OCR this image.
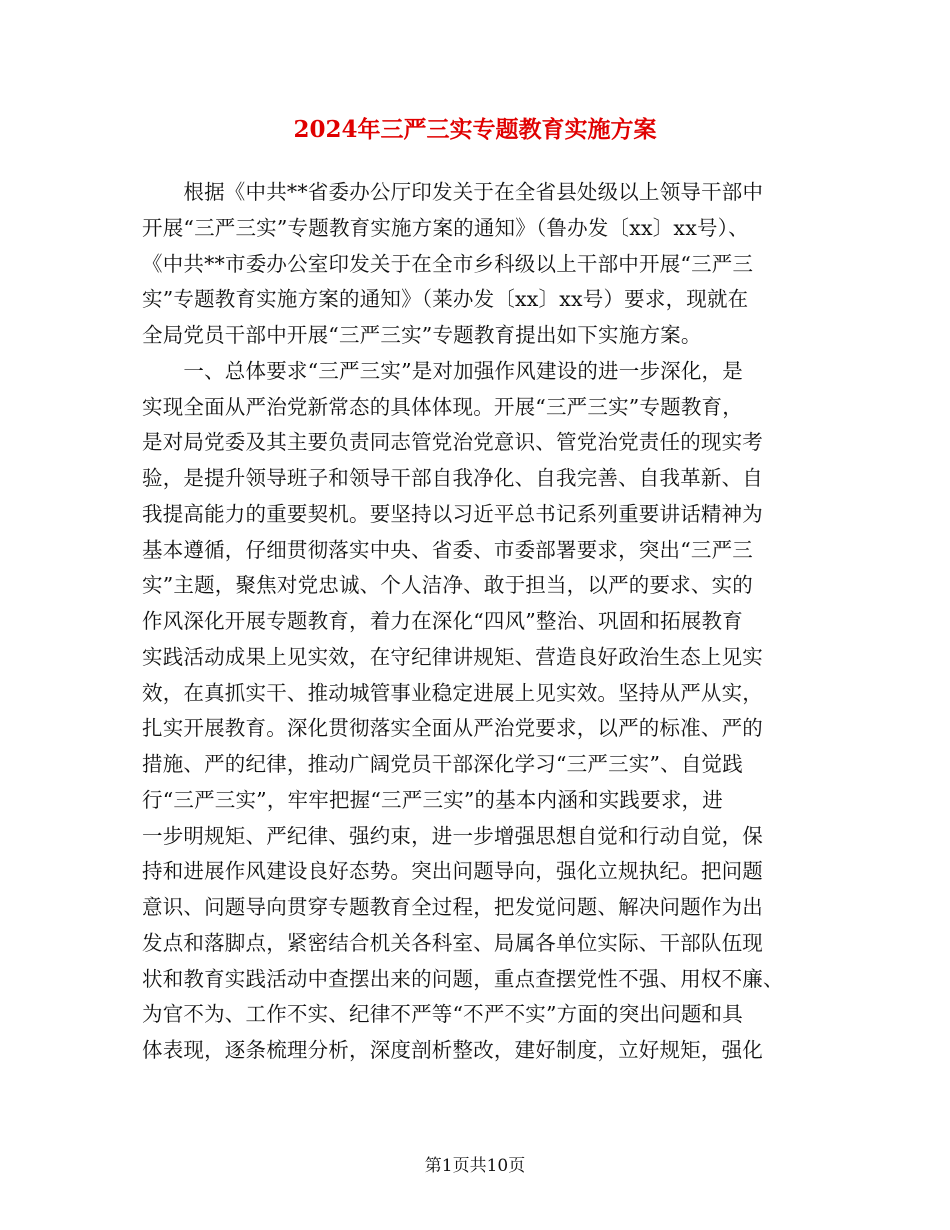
2024年三严三实专题教育实施方案
　　根据《中共**省委办公厅印发关于在全省县处级以上领导干部中
开展“三严三实”专题教育实施方案的通知》（鲁办发〔xx〕xx号）、
《中共**市委办公室印发关于在全市乡科级以上干部中开展“三严三
实”专题教育实施方案的通知》（莱办发〔xx〕xx号）要求，现就在
全局党员干部中开展“三严三实”专题教育提出如下实施方案。
　　一、总体要求“三严三实”是对加强作风建设的进一步深化，是
实现全面从严治党新常态的具体体现。开展“三严三实”专题教育，
是对局党委及其主要负责同志管党治党意识、管党治党责任的现实考
验，是提升领导班子和领导干部自我净化、自我完善、自我革新、自
我提高能力的重要契机。要坚持以习近平总书记系列重要讲话精神为
基本遵循，仔细贯彻落实中央、省委、市委部署要求，突出“三严三
实”主题，聚焦对党忠诚、个人洁净、敢于担当，以严的要求、实的
作风深化开展专题教育，着力在深化“四风”整治、巩固和拓展教育
实践活动成果上见实效，在守纪律讲规矩、营造良好政治生态上见实
效，在真抓实干、推动城管事业稳定进展上见实效。坚持从严从实，
扎实开展教育。深化贯彻落实全面从严治党要求，以严的标准、严的
措施、严的纪律，推动广阔党员干部深化学习“三严三实”、自觉践
行“三严三实”，牢牢把握“三严三实”的基本内涵和实践要求，进
一步明规矩、严纪律、强约束，进一步增强思想自觉和行动自觉，保
持和进展作风建设良好态势。突出问题导向，强化立规执纪。把问题
意识、问题导向贯穿专题教育全过程，把发觉问题、解决问题作为出
发点和落脚点，紧密结合机关各科室、局属各单位实际、干部队伍现
状和教育实践活动中查摆出来的问题，重点查摆党性不强、用权不廉、
为官不为、工作不实、纪律不严等“不严不实”方面的突出问题和具
体表现，逐条梳理分析，深度剖析整改，建好制度，立好规矩，强化
第1页共10页
